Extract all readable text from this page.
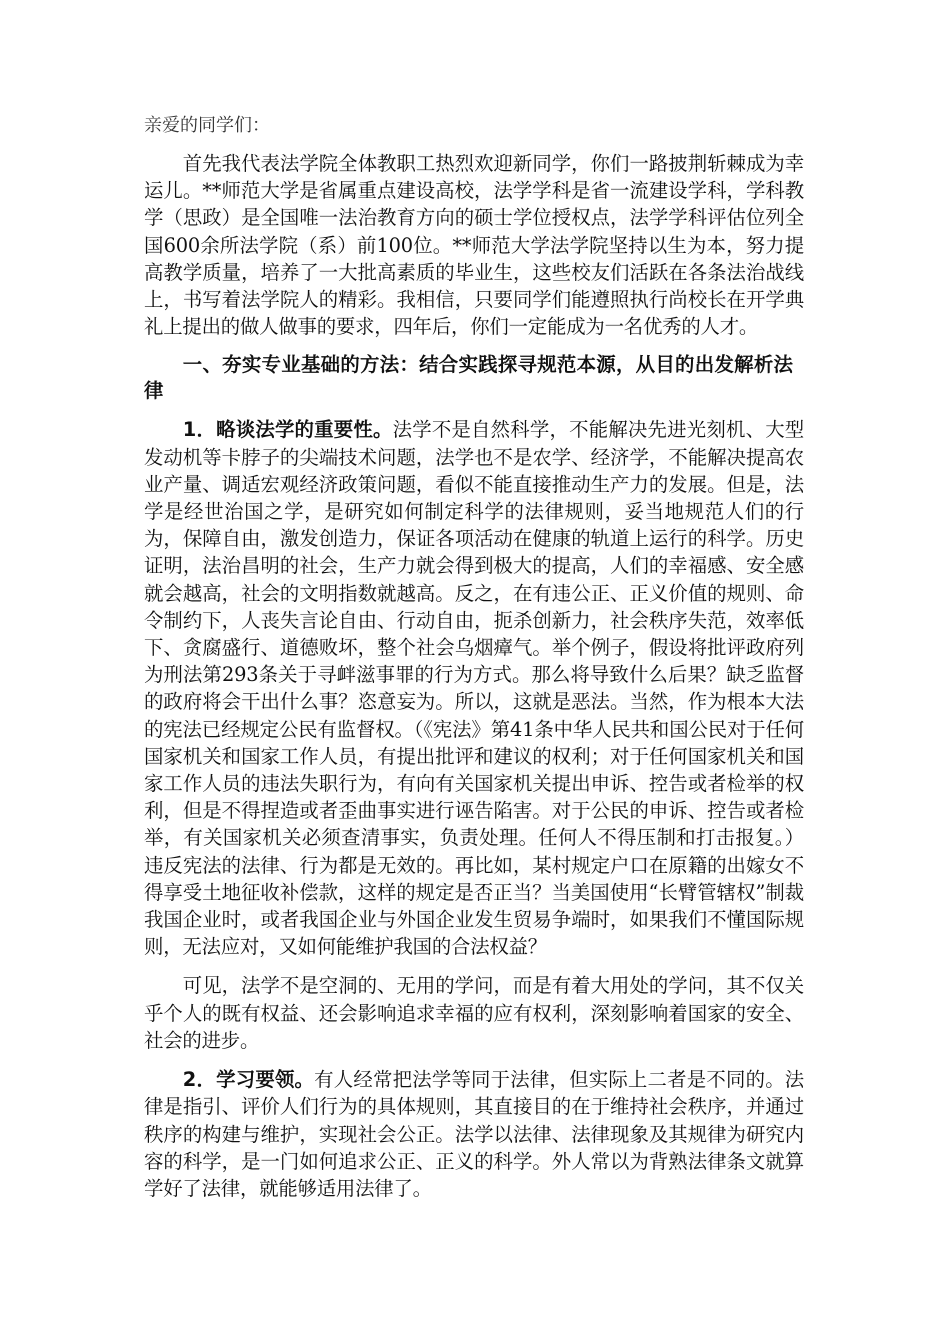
亲爱的同学们：

首先我代表法学院全体教职工热烈欢迎新同学，你们一路披荆斩棘成为幸运儿。**师范大学是省属重点建设高校，法学学科是省一流建设学科，学科教学（思政）是全国唯一法治教育方向的硕士学位授权点，法学学科评估位列全国600余所法学院（系）前100位。**师范大学法学院坚持以生为本，努力提高教学质量，培养了一大批高素质的毕业生，这些校友们活跃在各条法治战线上，书写着法学院人的精彩。我相信，只要同学们能遵照执行尚校长在开学典礼上提出的做人做事的要求，四年后，你们一定能成为一名优秀的人才。

一、夯实专业基础的方法：结合实践探寻规范本源，从目的出发解析法律

1．略谈法学的重要性。法学不是自然科学，不能解决先进光刻机、大型发动机等卡脖子的尖端技术问题，法学也不是农学、经济学，不能解决提高农业产量、调适宏观经济政策问题，看似不能直接推动生产力的发展。但是，法学是经世治国之学，是研究如何制定科学的法律规则，妥当地规范人们的行为，保障自由，激发创造力，保证各项活动在健康的轨道上运行的科学。历史证明，法治昌明的社会，生产力就会得到极大的提高，人们的幸福感、安全感就会越高，社会的文明指数就越高。反之，在有违公正、正义价值的规则、命令制约下，人丧失言论自由、行动自由，扼杀创新力，社会秩序失范，效率低下、贪腐盛行、道德败坏，整个社会乌烟瘴气。举个例子，假设将批评政府列为刑法第293条关于寻衅滋事罪的行为方式。那么将导致什么后果？缺乏监督的政府将会干出什么事？恣意妄为。所以，这就是恶法。当然，作为根本大法的宪法已经规定公民有监督权。（《宪法》第41条中华人民共和国公民对于任何国家机关和国家工作人员，有提出批评和建议的权利；对于任何国家机关和国家工作人员的违法失职行为，有向有关国家机关提出申诉、控告或者检举的权利，但是不得捏造或者歪曲事实进行诬告陷害。对于公民的申诉、控告或者检举，有关国家机关必须查清事实，负责处理。任何人不得压制和打击报复。）违反宪法的法律、行为都是无效的。再比如，某村规定户口在原籍的出嫁女不得享受土地征收补偿款，这样的规定是否正当？当美国使用“长臂管辖权”制裁我国企业时，或者我国企业与外国企业发生贸易争端时，如果我们不懂国际规则，无法应对，又如何能维护我国的合法权益？

可见，法学不是空洞的、无用的学问，而是有着大用处的学问，其不仅关乎个人的既有权益、还会影响追求幸福的应有权利，深刻影响着国家的安全、社会的进步。

2．学习要领。有人经常把法学等同于法律，但实际上二者是不同的。法律是指引、评价人们行为的具体规则，其直接目的在于维持社会秩序，并通过秩序的构建与维护，实现社会公正。法学以法律、法律现象及其规律为研究内容的科学，是一门如何追求公正、正义的科学。外人常以为背熟法律条文就算学好了法律，就能够适用法律了。
